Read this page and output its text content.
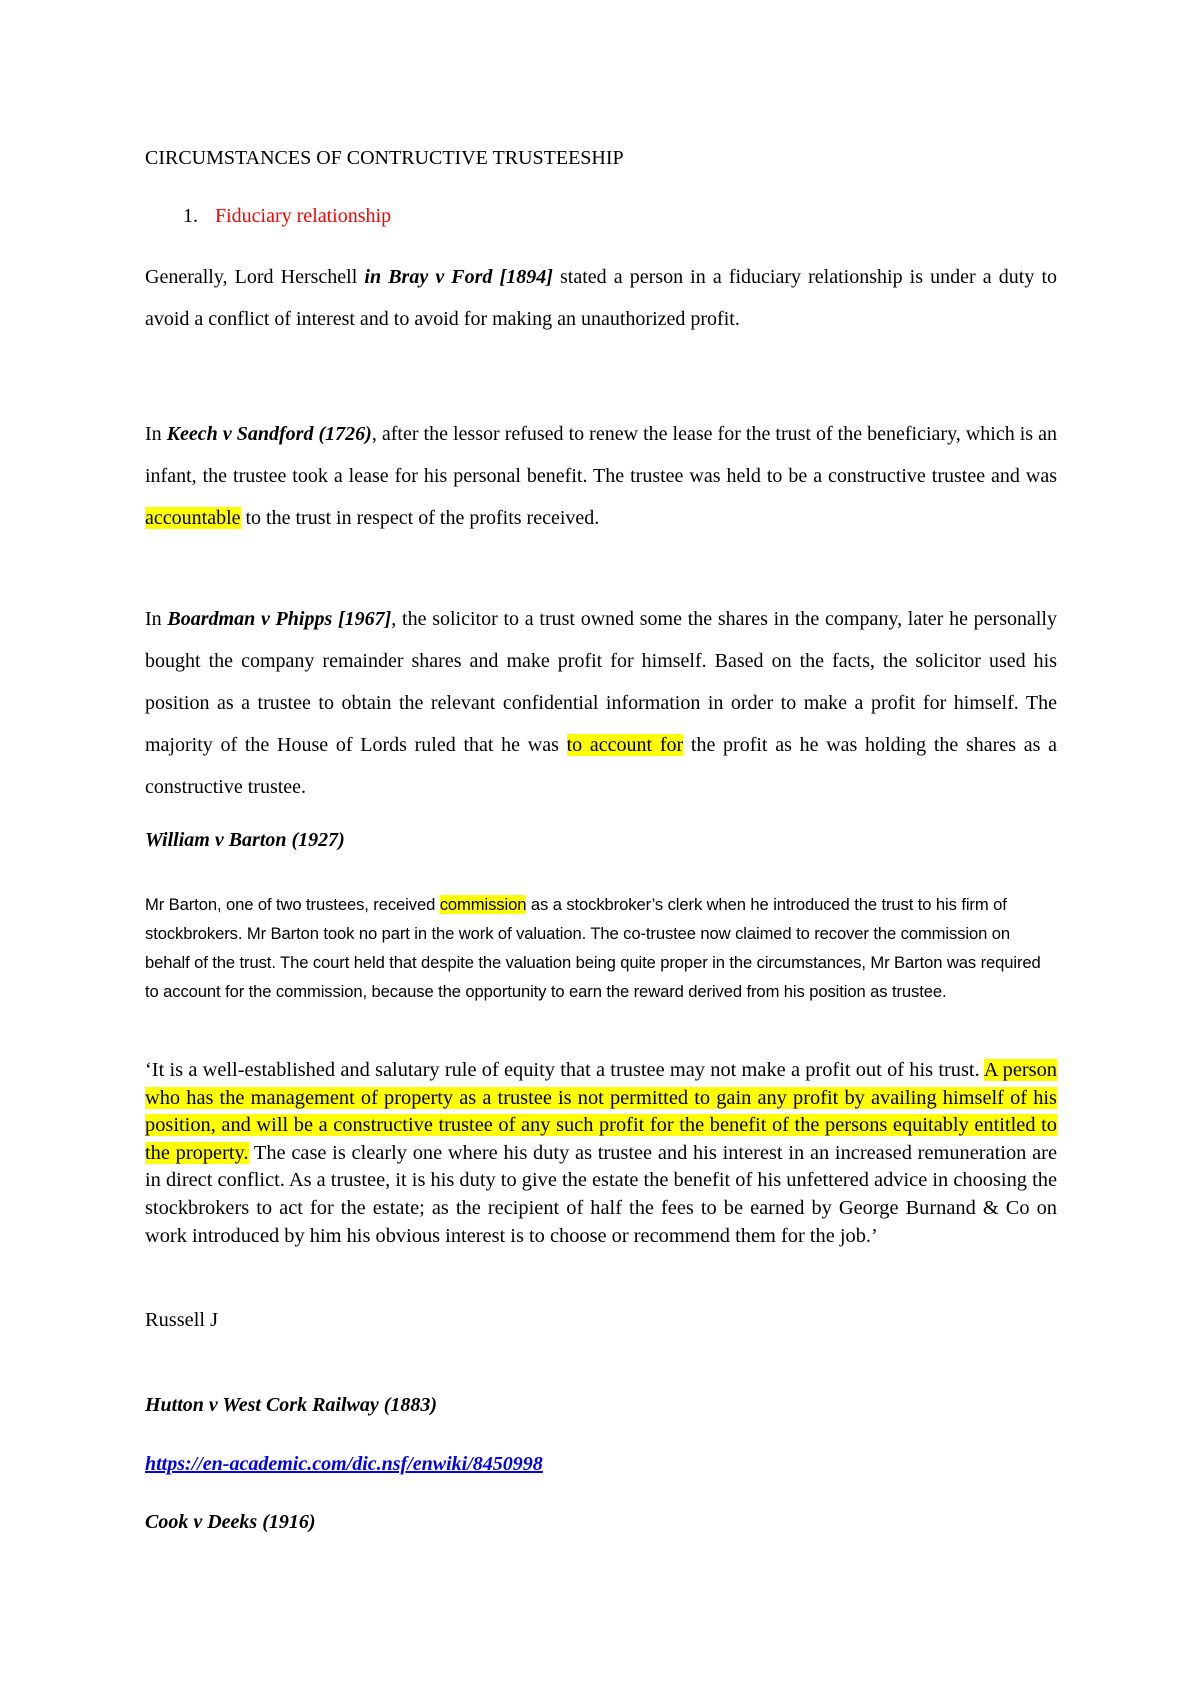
CIRCUMSTANCES OF CONTRUCTIVE TRUSTEESHIP
1. Fiduciary relationship

Generally, Lord Herschell in Bray v Ford [1894] stated a person in a fiduciary relationship is under a duty to avoid a conflict of interest and to avoid for making an unauthorized profit.

In Keech v Sandford (1726), after the lessor refused to renew the lease for the trust of the beneficiary, which is an infant, the trustee took a lease for his personal benefit. The trustee was held to be a constructive trustee and was accountable to the trust in respect of the profits received.

In Boardman v Phipps [1967], the solicitor to a trust owned some the shares in the company, later he personally bought the company remainder shares and make profit for himself. Based on the facts, the solicitor used his position as a trustee to obtain the relevant confidential information in order to make a profit for himself. The majority of the House of Lords ruled that he was to account for the profit as he was holding the shares as a constructive trustee.

William v Barton (1927)

Mr Barton, one of two trustees, received commission as a stockbroker’s clerk when he introduced the trust to his firm of stockbrokers. Mr Barton took no part in the work of valuation. The co-trustee now claimed to recover the commission on behalf of the trust. The court held that despite the valuation being quite proper in the circumstances, Mr Barton was required to account for the commission, because the opportunity to earn the reward derived from his position as trustee.

‘It is a well-established and salutary rule of equity that a trustee may not make a profit out of his trust. A person who has the management of property as a trustee is not permitted to gain any profit by availing himself of his position, and will be a constructive trustee of any such profit for the benefit of the persons equitably entitled to the property. The case is clearly one where his duty as trustee and his interest in an increased remuneration are in direct conflict. As a trustee, it is his duty to give the estate the benefit of his unfettered advice in choosing the stockbrokers to act for the estate; as the recipient of half the fees to be earned by George Burnand & Co on work introduced by him his obvious interest is to choose or recommend them for the job.’

Russell J
Hutton v West Cork Railway (1883)
https://en-academic.com/dic.nsf/enwiki/8450998
Cook v Deeks (1916)
